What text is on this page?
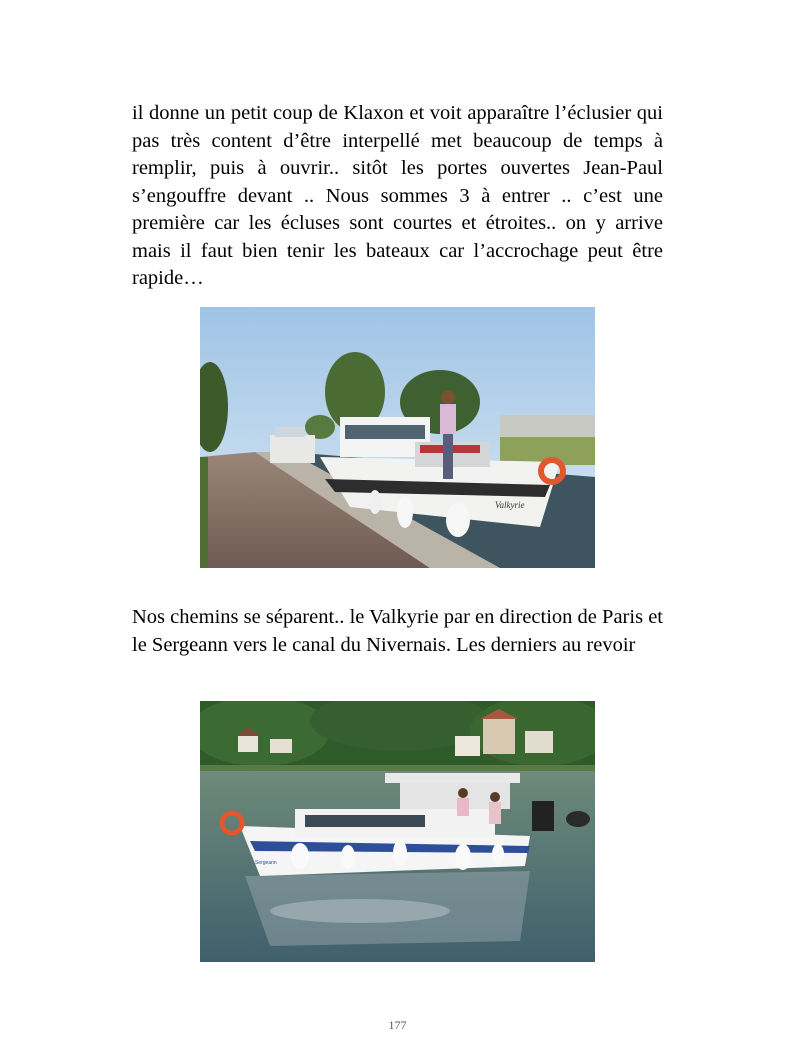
il donne un petit coup de Klaxon et voit apparaître l’éclusier qui pas très content d’être interpellé met beaucoup de temps à remplir, puis à ouvrir.. sitôt les portes ouvertes Jean-Paul s’engouffre devant .. Nous sommes 3 à entrer .. c’est une première car les écluses sont courtes et étroites.. on y arrive mais il faut bien tenir les bateaux car l’accrochage peut être rapide…

Valkyrie

Nos chemins se séparent.. le Valkyrie par en direction de Paris et le Sergeann vers le canal du Nivernais. Les derniers au revoir

Sergeann
177
